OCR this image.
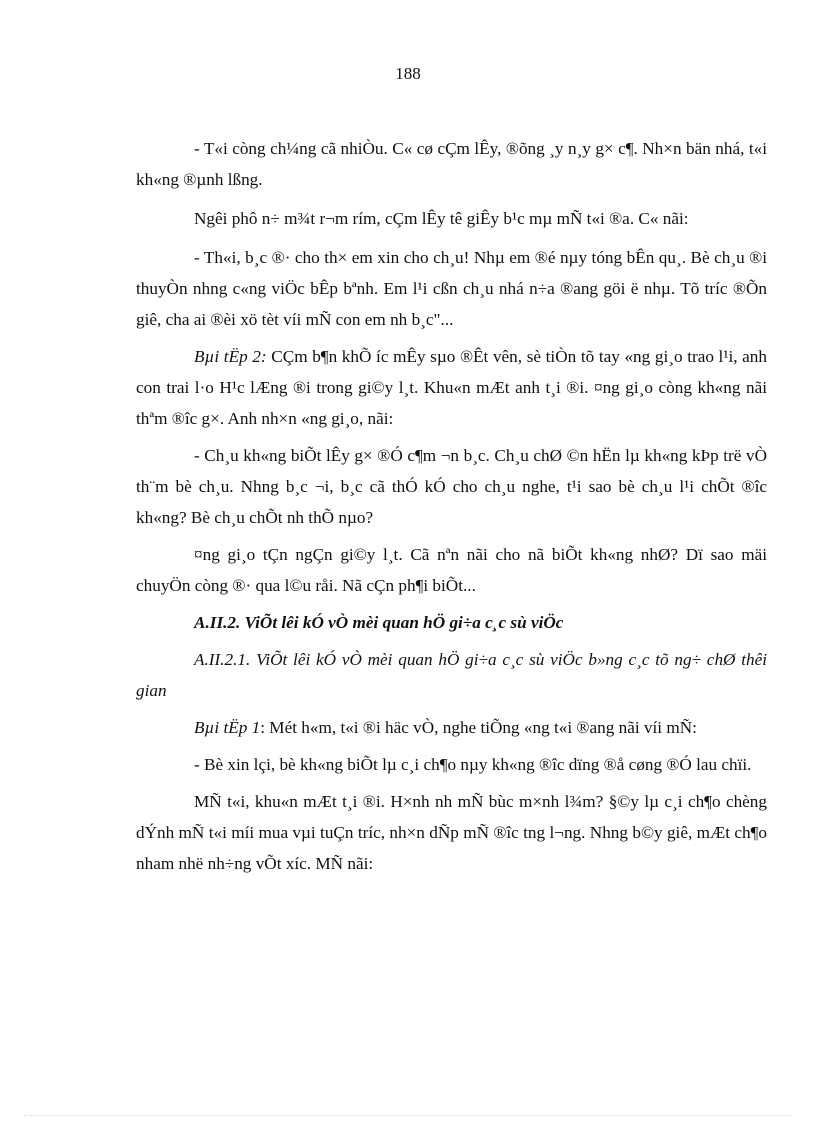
188

- T«i còng ch¼ng cã nhiÒu. C« cø cÇm lÊy, ®õng ¸y n¸y g× c¶. Nh×n bän nhá, t«i kh«ng ®µnh lßng.

Ngêi phô n÷ m¾t r¬m rím, cÇm lÊy tê giÊy b¹c mµ mÑ t«i ®a. C« nãi:

- Th«i, b¸c ®· cho th× em xin cho ch¸u! Nhµ em ®é nµy tóng bÊn qu¸. Bè ch¸u ®i thuyÒn nhng c«ng viÖc bÊp bªnh. Em l¹i cßn ch¸u nhá n÷a ®ang göi ë nhµ. Tõ tríc ®Õn giê, cha ai ®èi xö tèt víi mÑ con em nh b¸c"...

Bµi tËp 2: CÇm b¶n khÕ íc mÊy sµo ®Êt vên, sè tiÒn tõ tay «ng gi¸o trao l¹i, anh con trai l·o H¹c lÆng ®i trong gi©y l¸t. Khu«n mÆt anh t¸i ®i. ¤ng gi¸o còng kh«ng nãi thªm ®îc g×. Anh nh×n «ng gi¸o, nãi:

- Ch¸u kh«ng biÕt lÊy g× ®Ó c¶m ¬n b¸c. Ch¸u chØ ©n hËn lµ kh«ng kÞp trë vÒ th¨m bè ch¸u. Nhng b¸c ¬i, b¸c cã thÓ kÓ cho ch¸u nghe, t¹i sao bè ch¸u l¹i chÕt ®îc kh«ng? Bè ch¸u chÕt nh thÕ nµo?

¤ng gi¸o tÇn ngÇn gi©y l¸t. Cã nªn nãi cho nã biÕt kh«ng nhØ? Dï sao mäi chuyÖn còng ®· qua l©u råi. Nã cÇn ph¶i biÕt...

A.II.2. ViÕt lêi kÓ vÒ mèi quan hÖ gi÷a c¸c sù viÖc

A.II.2.1. ViÕt lêi kÓ vÒ mèi quan hÖ gi÷a c¸c sù viÖc b»ng c¸c tõ ng÷ chØ thêi gian

Bµi tËp 1: Mét h«m, t«i ®i häc vÒ, nghe tiÕng «ng t«i ®ang nãi víi mÑ:

- Bè xin lçi, bè kh«ng biÕt lµ c¸i ch¶o nµy kh«ng ®îc dïng ®å cøng ®Ó lau chïi.

MÑ t«i, khu«n mÆt t¸i ®i. H×nh nh mÑ bùc m×nh l¾m? §©y lµ c¸i ch¶o chèng dÝnh mÑ t«i míi mua vµi tuÇn tríc, nh×n dÑp mÑ ®îc tng l¬ng. Nhng b©y giê, mÆt ch¶o nham nhë nh÷ng vÕt xíc. MÑ nãi:
